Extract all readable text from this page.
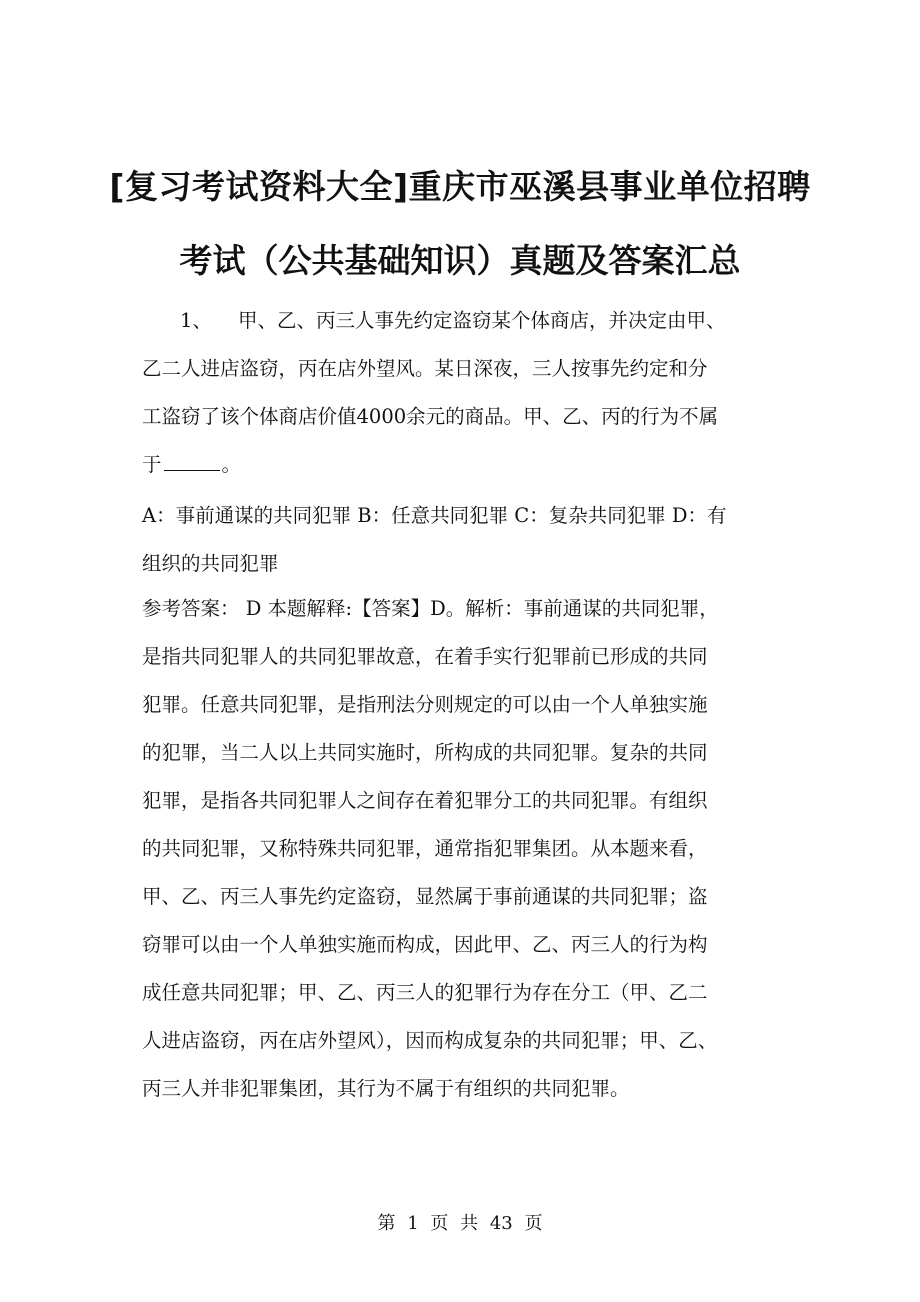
[复习考试资料大全]重庆市巫溪县事业单位招聘
考试（公共基础知识）真题及答案汇总
1、 甲、乙、丙三人事先约定盗窃某个体商店，并决定由甲、
乙二人进店盗窃，丙在店外望风。某日深夜，三人按事先约定和分
工盗窃了该个体商店价值4000余元的商品。甲、乙、丙的行为不属
于	。
A：事前通谋的共同犯罪 B：任意共同犯罪 C：复杂共同犯罪 D：有
组织的共同犯罪
参考答案： D 本题解释:【答案】D。解析：事前通谋的共同犯罪，
是指共同犯罪人的共同犯罪故意，在着手实行犯罪前已形成的共同
犯罪。任意共同犯罪，是指刑法分则规定的可以由一个人单独实施
的犯罪，当二人以上共同实施时，所构成的共同犯罪。复杂的共同
犯罪，是指各共同犯罪人之间存在着犯罪分工的共同犯罪。有组织
的共同犯罪，又称特殊共同犯罪，通常指犯罪集团。从本题来看，
甲、乙、丙三人事先约定盗窃，显然属于事前通谋的共同犯罪；盗
窃罪可以由一个人单独实施而构成，因此甲、乙、丙三人的行为构
成任意共同犯罪；甲、乙、丙三人的犯罪行为存在分工（甲、乙二
人进店盗窃，丙在店外望风），因而构成复杂的共同犯罪；甲、乙、
丙三人并非犯罪集团，其行为不属于有组织的共同犯罪。
第 1 页 共 43 页
